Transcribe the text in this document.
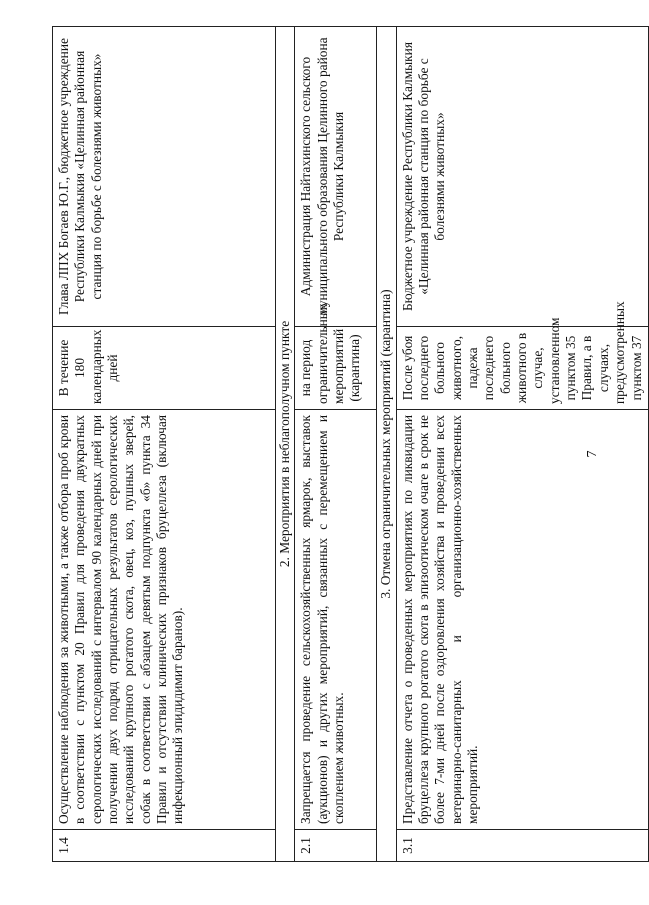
1.4	Осуществление наблюдения за животными, а также отбора проб крови в соответствии с пунктом 20 Правил для проведения двукратных серологических исследований с интервалом 90 календарных дней при получении двух подряд отрицательных результатов серологических исследований крупного рогатого скота, овец, коз, пушных зверей, собак в соответствии с абзацем девятым подпункта «б» пункта 34 Правил и отсутствии клинических признаков бруцеллеза (включая инфекционный эпидидимит баранов).	В течение 180 календарных дней	Глава ЛПХ Богаев Ю.Г., бюджетное учреждение Республики Калмыкия «Целинная районная станция по борьбе с болезнями животных»
2. Мероприятия в неблагополучном пункте			
2.1	Запрещается проведение сельскохозяйственных ярмарок, выставок (аукционов) и других мероприятий, связанных с перемещением и скоплением животных.	на период ограничительных мероприятий (карантина)	Администрация Найтахинского сельского муниципального образования Целинного района Республики Калмыкия
3. Отмена ограничительных мероприятий (карантина)			
3.1	Представление отчета о проведенных мероприятиях по ликвидации бруцеллеза крупного рогатого скота в эпизоотическом очаге в срок не более 7-ми дней после оздоровления хозяйства и проведении всех ветеринарно-санитарных и организационно-хозяйственных мероприятий.	После убоя последнего больного животного, падежа последнего больного животного в случае, установленном пунктом 35 Правил, а в случаях, предусмотренных пунктом 37	Бюджетное учреждение Республики Калмыкия «Целинная районная станция по борьбе с болезнями животных»
7
